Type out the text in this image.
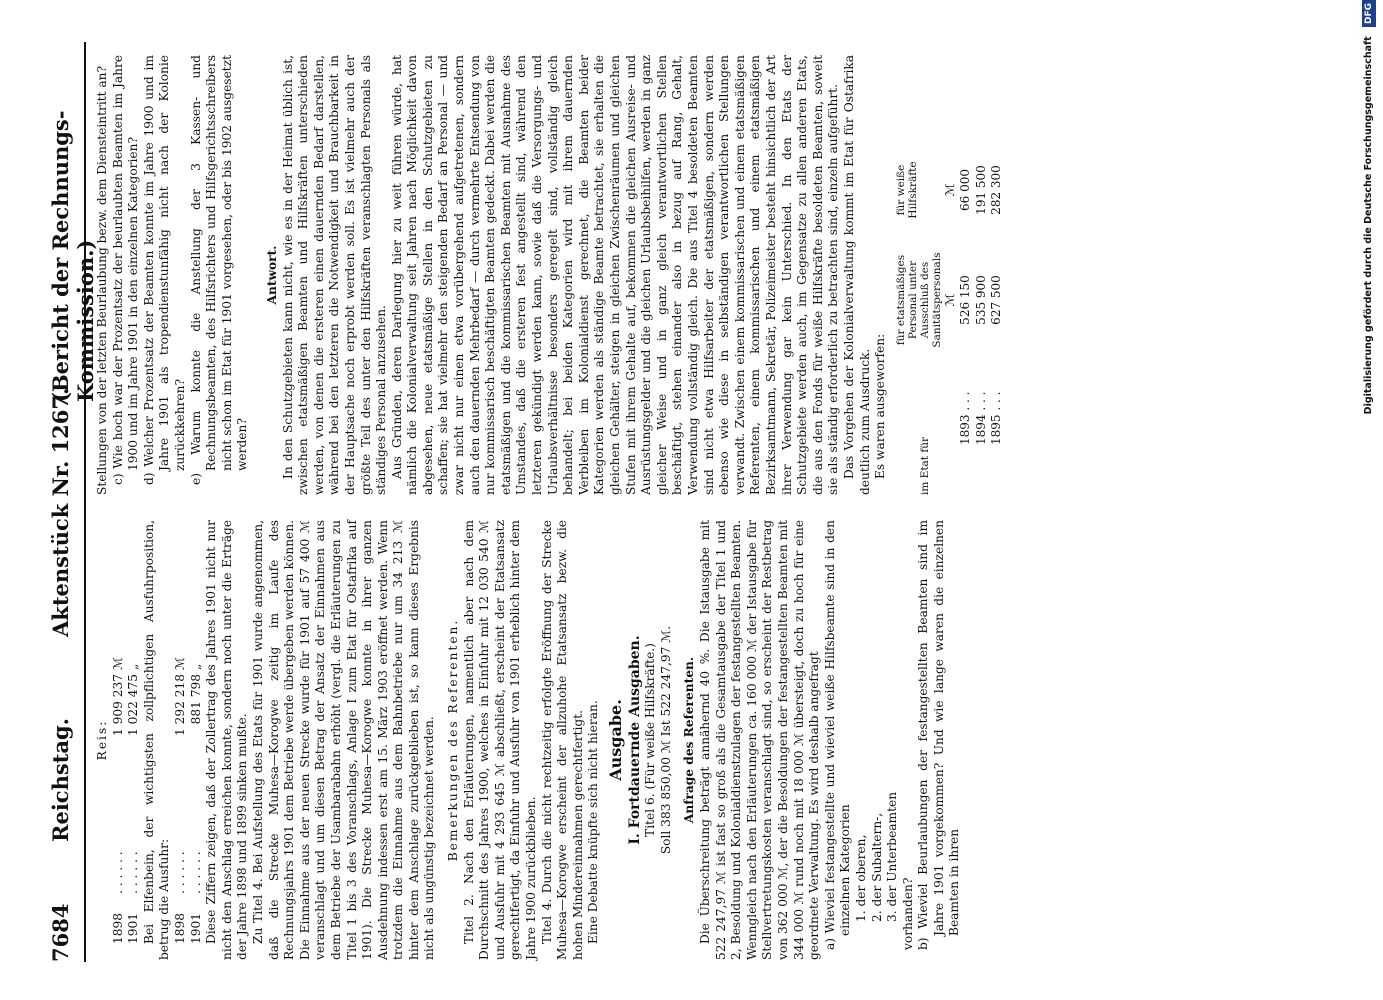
7684
Reichstag.
Aktenstück Nr. 1267.
(Bericht der Rechnungs-Kommission.)

Reis:

1898
. . . . . .
1 909 237
ℳ
1901
. . . . . .
1 022 475
„ Bei Elfenbein, der wichtigsten zollpflichtigen Ausfuhrposition, betrug die Ausfuhr: 1898
. . . . . .
1 292 218
ℳ
1901
. . . . . .
881 798
„ Diese Ziffern zeigen, daß der Zollertrag des Jahres 1901 nicht nur nicht den Anschlag erreichen konnte, sondern noch unter die Erträge der Jahre 1898 und 1899 sinken mußte. Zu Titel 4. Bei Aufstellung des Etats für 1901 wurde angenommen, daß die Strecke Muhesa—Korogwe zeitig im Laufe des Rechnungsjahrs 1901 dem Betriebe werde übergeben werden können. Die Einnahme aus der neuen Strecke wurde für 1901 auf 57 400 ℳ veranschlagt und um diesen Betrag der Ansatz der Einnahmen aus dem Betriebe der Usambarabahn erhöht (vergl. die Erläuterungen zu Titel 1 bis 3 des Voranschlags, Anlage I zum Etat für Ostafrika auf 1901). Die Strecke Muhesa—Korogwe konnte in ihrer ganzen Ausdehnung indessen erst am 15. März 1903 eröffnet werden. Wenn trotzdem die Einnahme aus dem Bahnbetriebe nur um 34 213 ℳ hinter dem Anschlage zurückgeblieben ist, so kann dieses Ergebnis nicht als ungünstig bezeichnet werden. Bemerkungen des Referenten. Titel 2. Nach den Erläuterungen, namentlich aber nach dem Durchschnitt des Jahres 1900, welches in Einfuhr mit 12 030 540 ℳ und Ausfuhr mit 4 293 645 ℳ abschließt, erscheint der Etatsansatz gerechtfertigt, da Einfuhr und Ausfuhr von 1901 erheblich hinter dem Jahre 1900 zurückblieben. Titel 4. Durch die nicht rechtzeitig erfolgte Eröffnung der Strecke Muhesa—Korogwe erscheint der allzuhohe Etatsansatz bezw. die hohen Mindereinnahmen gerechtfertigt. Eine Debatte knüpfte sich nicht hieran. Ausgabe. I. Fortdauernde Ausgaben. Titel 6. (Für weiße Hilfskräfte.) Soll 383 850,00 ℳ Ist 522 247,97 ℳ. Anfrage des Referenten. Die Überschreitung beträgt annähernd 40 %. Die Istausgabe mit 522 247,97 ℳ ist fast so groß als die Gesamtausgabe der Titel 1 und 2, Besoldung und Kolonialdienstzulagen der festangestellten Beamten. Wenngleich nach den Erläuterungen ca. 160 000 ℳ der Istausgabe für Stellvertretungskosten veranschlagt sind, so erscheint der Restbetrag von 362 000 ℳ, der die Besoldungen der festangestellten Beamten mit 344 000 ℳ rund noch mit 18 000 ℳ übersteigt, doch zu hoch für eine geordnete Verwaltung. Es wird deshalb angefragt a) Wieviel festangestellte und wieviel weiße Hilfsbeamte sind in den einzelnen Kategorien 1. der oberen, 2. der Subaltern-, 3. der Unterbeamten vorhanden? b) Wieviel Beurlaubungen der festangestellten Beamten sind im Jahre 1901 vorgekommen? Und wie lange waren die einzelnen Beamten in ihren

Stellungen von der letzten Beurlaubung bezw. dem Diensteintritt an? c) Wie hoch war der Prozentsatz der beurlaubten Beamten im Jahre 1900 und im Jahre 1901 in den einzelnen Kategorien? d) Welcher Prozentsatz der Beamten konnte im Jahre 1900 und im Jahre 1901 als tropendienstunfähig nicht nach der Kolonie zurückkehren? e) Warum konnte die Anstellung der 3 Kassen- und Rechnungsbeamten, des Hilfsrichters und Hilfsgerichtsschreibers nicht schon im Etat für 1901 vorgesehen, oder bis 1902 ausgesetzt werden?

Antwort. In den Schutzgebieten kann nicht, wie es in der Heimat üblich ist, zwischen etatsmäßigen Beamten und Hilfskräften unterschieden werden, von denen die ersteren einen dauernden Bedarf darstellen, während bei den letzteren die Notwendigkeit und Brauchbarkeit in der Hauptsache noch erprobt werden soll. Es ist vielmehr auch der größte Teil des unter den Hilfskräften veranschlagten Personals als ständiges Personal anzusehen. Aus Gründen, deren Darlegung hier zu weit führen würde, hat nämlich die Kolonialverwaltung seit Jahren nach Möglichkeit davon abgesehen, neue etatsmäßige Stellen in den Schutzgebieten zu schaffen; sie hat vielmehr den steigenden Bedarf an Personal — und zwar nicht nur einen etwa vorübergehend aufgetretenen, sondern auch den dauernden Mehrbedarf — durch vermehrte Entsendung von nur kommissarisch beschäftigten Beamten gedeckt. Dabei werden die etatsmäßigen und die kommissarischen Beamten mit Ausnahme des Umstandes, daß die ersteren fest angestellt sind, während den letzteren gekündigt werden kann, sowie daß die Versorgungs- und Urlaubsverhältnisse besonders geregelt sind, vollständig gleich behandelt; bei beiden Kategorien wird mit ihrem dauernden Verbleiben im Kolonialdienst gerechnet, die Beamten beider Kategorien werden als ständige Beamte betrachtet, sie erhalten die gleichen Gehälter, steigen in gleichen Zwischenräumen und gleichen Stufen mit ihrem Gehalte auf, bekommen die gleichen Ausreise- und Ausrüstungsgelder und die gleichen Urlaubsbeihilfen, werden in ganz gleicher Weise und in ganz gleich verantwortlichen Stellen beschäftigt, stehen einander also in bezug auf Rang, Gehalt, Verwendung vollständig gleich. Die aus Titel 4 besoldeten Beamten sind nicht etwa Hilfsarbeiter der etatsmäßigen, sondern werden ebenso wie diese in selbständigen verantwortlichen Stellungen verwandt. Zwischen einem kommissarischen und einem etatsmäßigen Referenten, einem kommissarischen und einem etatsmäßigen Bezirksamtmann, Sekretär, Polizeimeister besteht hinsichtlich der Art ihrer Verwendung gar kein Unterschied. In den Etats der Schutzgebiete werden auch, im Gegensatze zu allen anderen Etats, die aus den Fonds für weiße Hilfskräfte besoldeten Beamten, soweit sie als ständig erforderlich zu betrachten sind, einzeln aufgeführt. Das Vorgehen der Kolonialverwaltung kommt im Etat für Ostafrika deutlich zum Ausdruck. Es waren ausgeworfen:	im Etat für
für etatsmäßiges Personal unter Ausschluß des Sanitätspersonals
für weiße Hilfskräfte
ℳ
ℳ
1893 . . .
526 150
66 000
1894 . . .
535 900
191 500
1895 . . .
627 500
282 300	Digitalisierung gefördert durch die Deutsche Forschungsgemeinschaft DFG
